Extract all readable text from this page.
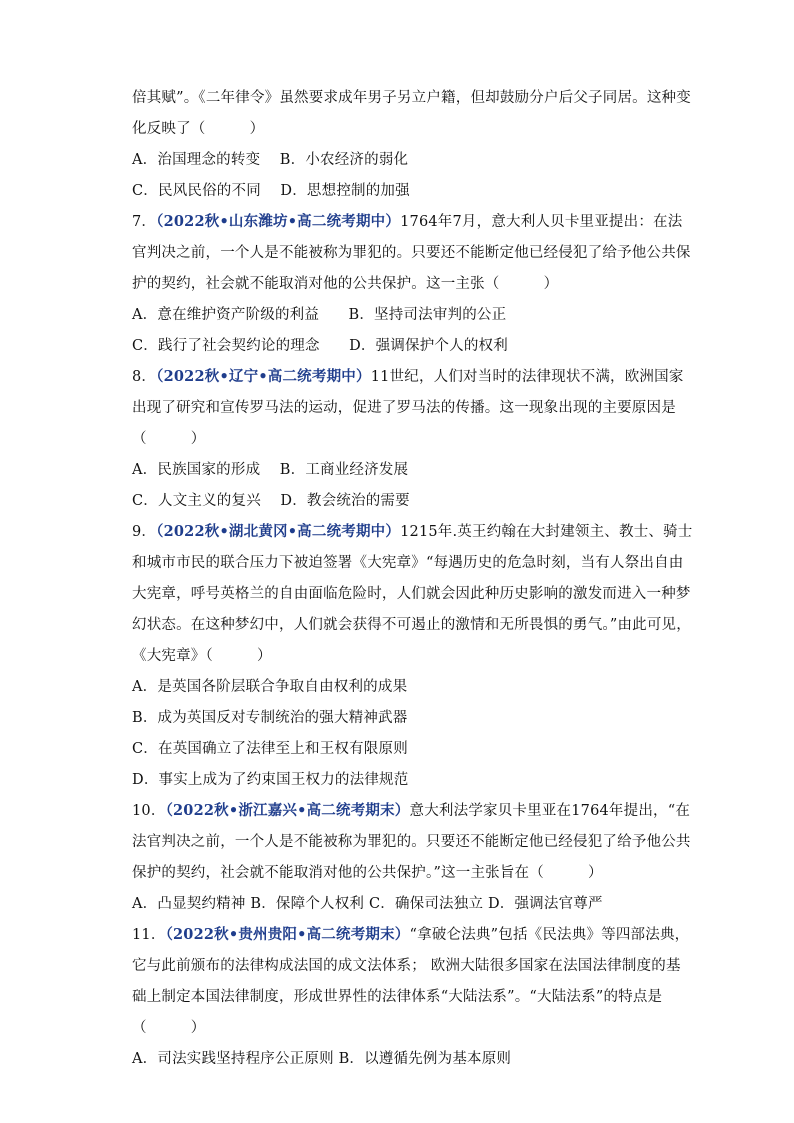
倍其赋”。《二年律令》虽然要求成年男子另立户籍，但却鼓励分户后父子同居。这种变
化反映了（　　　）
A．治国理念的转变　 B．小农经济的弱化
C．民风民俗的不同　 D．思想控制的加强
7．（2022秋•山东潍坊•高二统考期中）1764年7月，意大利人贝卡里亚提出：在法
官判决之前，一个人是不能被称为罪犯的。只要还不能断定他已经侵犯了给予他公共保
护的契约，社会就不能取消对他的公共保护。这一主张（　　　）
A．意在维护资产阶级的利益　　B．坚持司法审判的公正
C．践行了社会契约论的理念　　D．强调保护个人的权利
8．（2022秋•辽宁•高二统考期中）11世纪，人们对当时的法律现状不满，欧洲国家
出现了研究和宣传罗马法的运动，促进了罗马法的传播。这一现象出现的主要原因是
（　　　）
A．民族国家的形成　 B．工商业经济发展
C．人文主义的复兴　 D．教会统治的需要
9．（2022秋•湖北黄冈•高二统考期中）1215年.英王约翰在大封建领主、教士、骑士
和城市市民的联合压力下被迫签署《大宪章》“每遇历史的危急时刻，当有人祭出自由
大宪章，呼号英格兰的自由面临危险时，人们就会因此种历史影响的激发而进入一种梦
幻状态。在这种梦幻中，人们就会获得不可遏止的激情和无所畏惧的勇气。”由此可见，
《大宪章》（　　　）
A．是英国各阶层联合争取自由权利的成果
B．成为英国反对专制统治的强大精神武器
C．在英国确立了法律至上和王权有限原则
D．事实上成为了约束国王权力的法律规范
10．（2022秋•浙江嘉兴•高二统考期末）意大利法学家贝卡里亚在1764年提出，“在
法官判决之前，一个人是不能被称为罪犯的。只要还不能断定他已经侵犯了给予他公共
保护的契约，社会就不能取消对他的公共保护。”这一主张旨在（　　　）
A．凸显契约精神 B．保障个人权利 C．确保司法独立 D．强调法官尊严
11．（2022秋•贵州贵阳•高二统考期末）“拿破仑法典”包括《民法典》等四部法典，
它与此前颁布的法律构成法国的成文法体系； 欧洲大陆很多国家在法国法律制度的基
础上制定本国法律制度，形成世界性的法律体系“大陆法系”。“大陆法系”的特点是
（　　　）
A．司法实践坚持程序公正原则 B．以遵循先例为基本原则
